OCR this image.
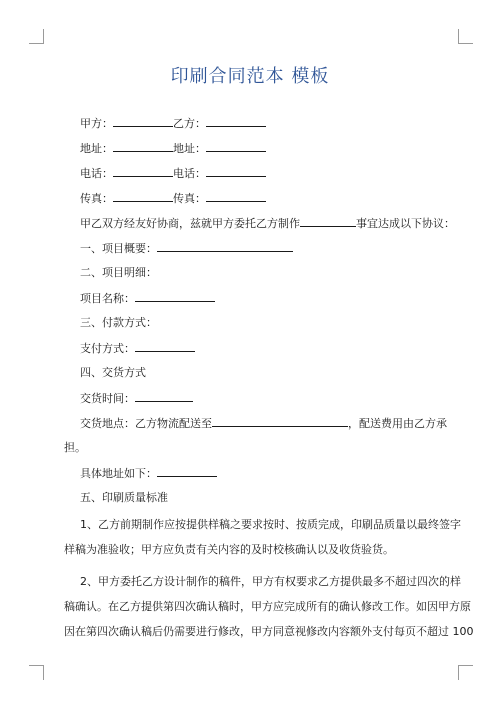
印刷合同范本 模板
甲方：	乙方：
地址：	地址：
电话：	电话：
传真：	传真：
甲乙双方经友好协商，兹就甲方委托乙方制作	事宜达成以下协议：
一、项目概要：
二、项目明细：
项目名称：
三、付款方式：
支付方式：
四、交货方式
交货时间：
交货地点：乙方物流配送至	，配送费用由乙方承
担。
具体地址如下：
五、印刷质量标准
1、乙方前期制作应按提供样稿之要求按时、按质完成，印刷品质量以最终签字
样稿为准验收；甲方应负责有关内容的及时校核确认以及收货验货。
2、甲方委托乙方设计制作的稿件，甲方有权要求乙方提供最多不超过四次的样
稿确认。在乙方提供第四次确认稿时，甲方应完成所有的确认修改工作。如因甲方原
因在第四次确认稿后仍需要进行修改，甲方同意视修改内容额外支付每页不超过 100
